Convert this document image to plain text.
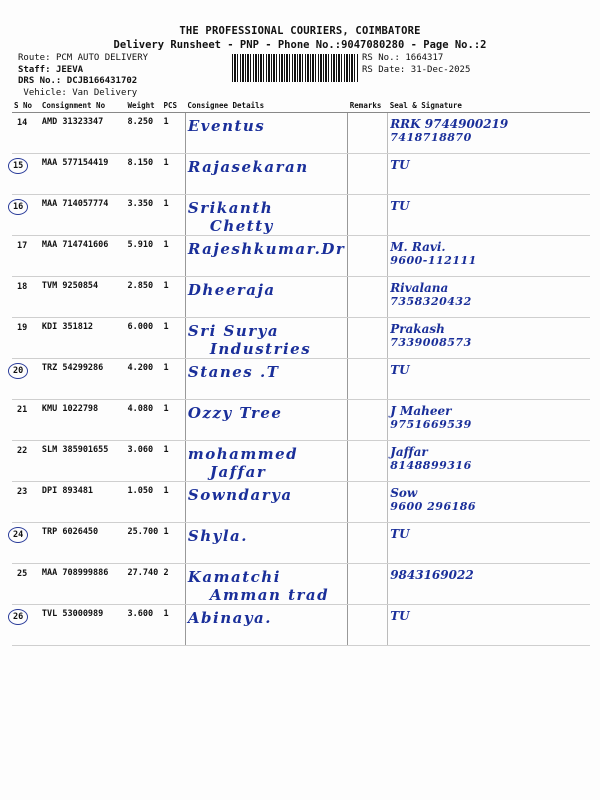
THE PROFESSIONAL COURIERS, COIMBATORE
Delivery Runsheet - PNP - Phone No.:9047080280 - Page No.:2
Route: PCM AUTO DELIVERY
Staff: JEEVA
DRS No.: DCJB166431702
Vehicle: Van Delivery
RS No.: 1664317
RS Date: 31-Dec-2025
S No	Consignment No	Weight	PCS	Consignee Details	Remarks	Seal & Signature
14	AMD 31323347	8.250	1	Eventus		RRK 9744900219
7418718870

15	MAA 577154419	8.150	1	Rajasekaran		TU

16	MAA 714057774	3.350	1	Srikanth
Chetty		TU

17	MAA 714741606	5.910	1	Rajeshkumar.Dr		M. Ravi.
9600-112111

18	TVM 9250854	2.850	1	Dheeraja		Rivalana
7358320432

19	KDI 351812	6.000	1	Sri Surya
Industries		Prakash
7339008573

20	TRZ 54299286	4.200	1	Stanes .T		TU

21	KMU 1022798	4.080	1	Ozzy Tree		J Maheer
9751669539

22	SLM 385901655	3.060	1	mohammed
Jaffar		Jaffar
8148899316

23	DPI 893481	1.050	1	Sowndarya		Sow
9600 296186

24	TRP 6026450	25.700	1	Shyla.		TU

25	MAA 708999886	27.740	2	Kamatchi
Amman trad		9843169022

26	TVL 53000989	3.600	1	Abinaya.		TU
